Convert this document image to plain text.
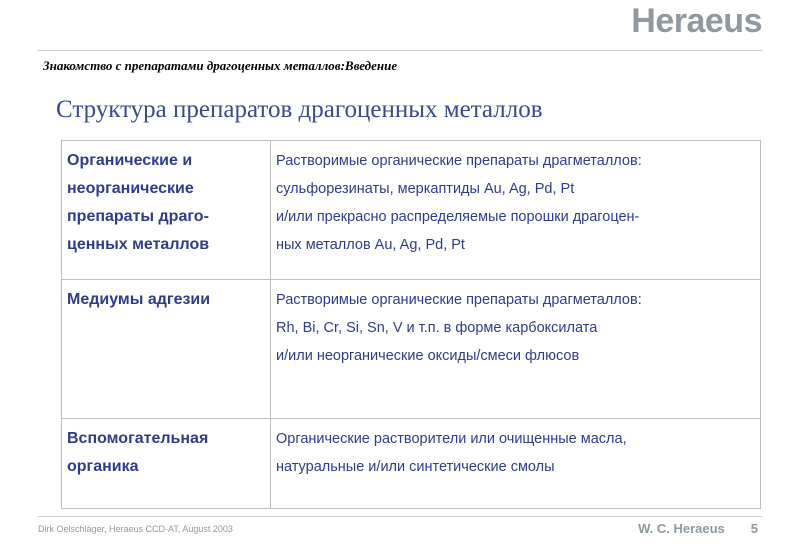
Heraeus
Знакомство с препаратами драгоценных металлов:Введение
Структура препаратов драгоценных металлов
Органические и
неорганические
препараты драго-
ценных металлов	Растворимые органические препараты драгметаллов:
сульфорезинаты, меркаптиды Au, Ag, Pd, Pt
и/или прекрасно распределяемые порошки драгоцен-
ных металлов Au, Ag, Pd, Pt

Медиумы адгезии	Растворимые органические препараты драгметаллов:
Rh, Bi, Cr, Si, Sn, V и т.п. в форме карбоксилата
и/или неорганические оксиды/смеси флюсов

Вспомогательная
органика	Органические растворители или очищенные масла,
натуральные и/или синтетические смолы
Dirk Oelschläger, Heraeus CCD-AT, August 2003	W. C. Heraeus 5
